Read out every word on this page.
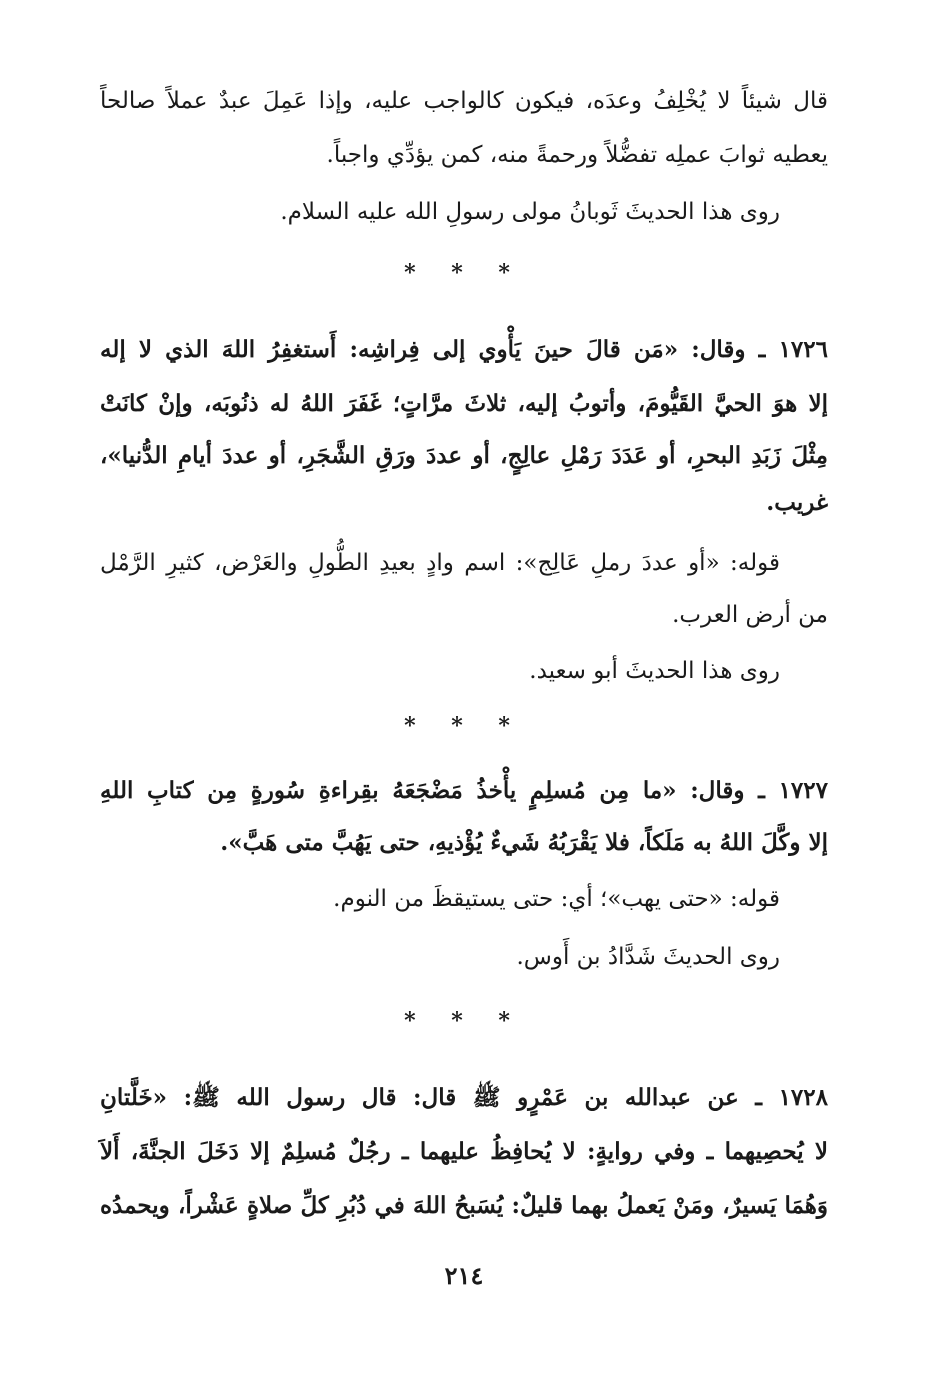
قال شيئاً لا يُخْلِفُ وعدَه، فيكون كالواجب عليه، وإذا عَمِلَ عبدٌ عملاً صالحاً
يعطيه ثوابَ عملِه تفضُّلاً ورحمةً منه، كمن يؤدِّي واجباً.
روى هذا الحديثَ ثَوبانُ مولى رسولِ الله عليه السلام.
* * *
١٧٢٦ ـ وقال: «مَن قالَ حينَ يَأْوي إلى فِراشِه: أَستغفِرُ اللهَ الذي لا إله
إلا هوَ الحيَّ القَيُّومَ، وأتوبُ إليه، ثلاثَ مرَّاتٍ؛ غَفَرَ اللهُ له ذنُوبَه، وإنْ كانَتْ
مِثْلَ زَبَدِ البحرِ، أو عَدَدَ رَمْلِ عالِجٍ، أو عددَ ورَقِ الشَّجَرِ، أو عددَ أيامِ الدُّنيا»،
غريب.
قوله: «أو عددَ رملِ عَالِج»: اسم وادٍ بعيدِ الطُّولِ والعَرْض، كثيرِ الرَّمْل
من أرض العرب.
روى هذا الحديثَ أبو سعيد.
* * *
١٧٢٧ ـ وقال: «ما مِن مُسلِمٍ يأْخذُ مَضْجَعَهُ بقِراءةِ سُورةٍ مِن كتابِ اللهِ
إلا وكَّلَ اللهُ به مَلَكاً، فلا يَقْرَبُهُ شَيءٌ يُؤْذيهِ، حتى يَهُبَّ متى هَبَّ».
قوله: «حتى يهب»؛ أي: حتى يستيقظَ من النوم.
روى الحديثَ شَدَّادُ بن أَوس.
* * *
١٧٢٨ ـ عن عبدالله بن عَمْرٍو ﷺ قال: قال رسول الله ﷺ: «خَلَّتانِ
لا يُحصِيهما ـ وفي روايةٍ: لا يُحافِظُ عليهما ـ رجُلٌ مُسلِمٌ إلا دَخَلَ الجنَّةَ، أَلاَ
وَهُمَا يَسيرٌ، ومَنْ يَعملُ بهما قليلٌ: يُسَبحُ اللهَ في دُبُرِ كلِّ صلاةٍ عَشْراً، ويحمدُه
٢١٤
